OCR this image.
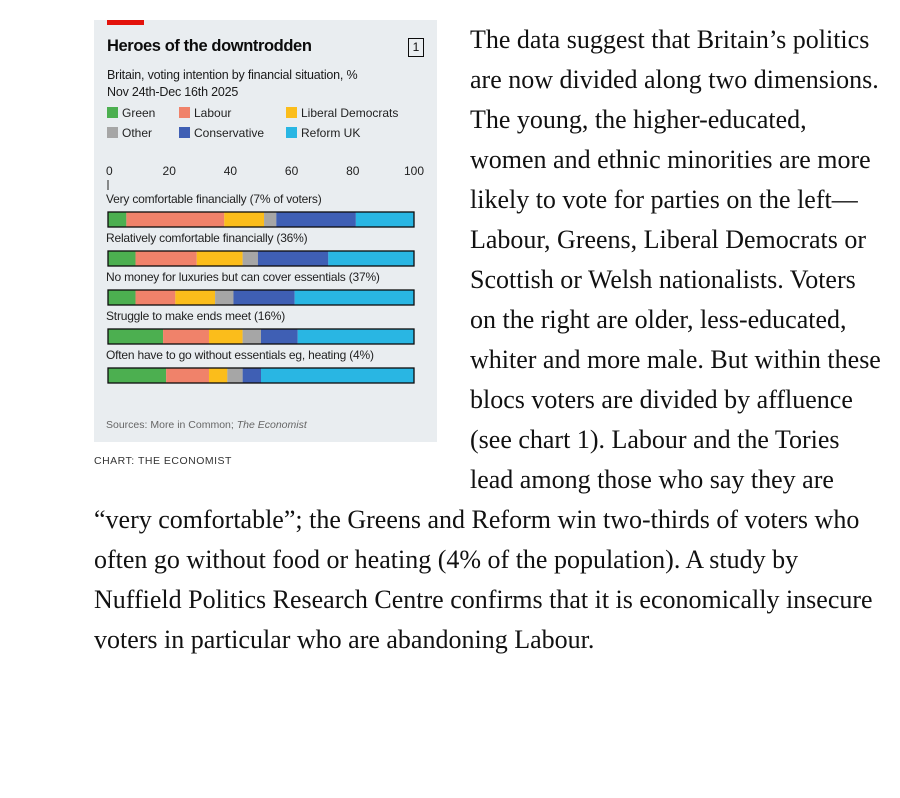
Heroes of the downtrodden	1
Britain, voting intention by financial situation, %
Nov 24th-Dec 16th 2025
Green	Labour	Liberal Democrats
Other	Conservative	Reform UK
0	20	40	60	80	100
Very comfortable financially (7% of voters)
Relatively comfortable financially (36%)
No money for luxuries but can cover essentials (37%)
Struggle to make ends meet (16%)
Often have to go without essentials eg, heating (4%)
Sources: More in Common; The Economist
CHART: THE ECONOMIST

The data suggest that Britain’s politics are now divided along two dimensions. The young, the higher-educated, women and ethnic minorities are more likely to vote for parties on the left—Labour, Greens, Liberal Democrats or Scottish or Welsh nationalists. Voters on the right are older, less-educated, whiter and more male. But within these blocs voters are divided by affluence (see chart 1). Labour and the Tories lead among those who say they are “very comfortable”; the Greens and Reform win two-thirds of voters who often go without food or heating (4% of the population). A study by Nuffield Politics Research Centre confirms that it is economically insecure voters in particular who are abandoning Labour.
